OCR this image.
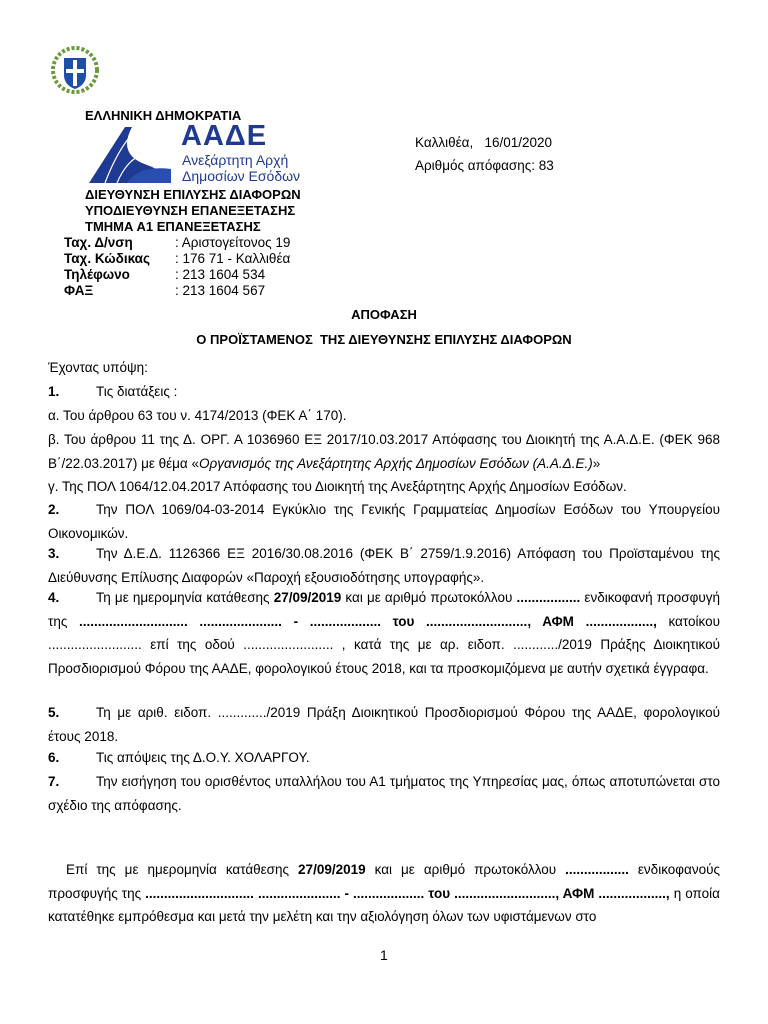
ΕΛΛΗΝΙΚΗ ΔΗΜΟΚΡΑΤΙΑ
ΑΑΔΕ
Ανεξάρτητη Αρχή
Δημοσίων Εσόδων
ΔΙΕΥΘΥΝΣΗ ΕΠΙΛΥΣΗΣ ΔΙΑΦΟΡΩΝ
ΥΠΟΔΙΕΥΘΥΝΣΗ ΕΠΑΝΕΞΕΤΑΣΗΣ
ΤΜΗΜΑ Α1 ΕΠΑΝΕΞΕΤΑΣΗΣ
Ταχ. Δ/νση	: Αριστογείτονος 19
Ταχ. Κώδικας : 176 71 - Καλλιθέα
Τηλέφωνο	: 213 1604 534
ΦΑΞ	: 213 1604 567
Καλλιθέα,   16/01/2020
Αριθμός απόφασης: 83
ΑΠΟΦΑΣΗ
Ο ΠΡΟΪΣΤΑΜΕΝΟΣ  ΤΗΣ ΔΙΕΥΘΥΝΣΗΣ ΕΠΙΛΥΣΗΣ ΔΙΑΦΟΡΩΝ
Έχοντας υπόψη:
1.	Τις διατάξεις :
α. Του άρθρου 63 του ν. 4174/2013 (ΦΕΚ Α΄ 170).
β. Του άρθρου 11 της Δ. ΟΡΓ. Α 1036960 ΕΞ 2017/10.03.2017 Απόφασης του Διοικητή της Α.Α.Δ.Ε. (ΦΕΚ 968 Β΄/22.03.2017) με θέμα «Οργανισμός της Ανεξάρτητης Αρχής Δημοσίων Εσόδων (Α.Α.Δ.Ε.)»
γ. Της ΠΟΛ 1064/12.04.2017 Απόφασης του Διοικητή της Ανεξάρτητης Αρχής Δημοσίων Εσόδων.
2.	Την ΠΟΛ 1069/04-03-2014 Εγκύκλιο της Γενικής Γραμματείας Δημοσίων Εσόδων του Υπουργείου Οικονομικών.
3.	Την Δ.Ε.Δ. 1126366 ΕΞ 2016/30.08.2016 (ΦΕΚ Β΄ 2759/1.9.2016) Απόφαση του Προϊσταμένου της Διεύθυνσης Επίλυσης Διαφορών «Παροχή εξουσιοδότησης υπογραφής».
4.	Τη με ημερομηνία κατάθεσης 27/09/2019 και με αριθμό πρωτοκόλλου ................. ενδικοφανή προσφυγή της ............................. ...................... - ................... του ..........................., ΑΦΜ .................., κατοίκου ......................... επί της οδού ........................ , κατά της με αρ. ειδοπ. ............/2019 Πράξης Διοικητικού Προσδιορισμού Φόρου της ΑΑΔΕ, φορολογικού έτους 2018, και τα προσκομιζόμενα με αυτήν σχετικά έγγραφα.
5.	Τη με αριθ. ειδοπ. ............./2019 Πράξη Διοικητικού Προσδιορισμού Φόρου της ΑΑΔΕ, φορολογικού έτους 2018.
6.	Τις απόψεις της Δ.Ο.Υ. ΧΟΛΑΡΓΟΥ.
7.	Την εισήγηση του ορισθέντος υπαλλήλου του Α1 τμήματος της Υπηρεσίας μας, όπως αποτυπώνεται στο σχέδιο της απόφασης.
Επί της με ημερομηνία κατάθεσης 27/09/2019 και με αριθμό πρωτοκόλλου ................. ενδικοφανούς προσφυγής της ............................. ...................... - ................... του ..........................., ΑΦΜ .................., η οποία κατατέθηκε εμπρόθεσμα και μετά την μελέτη και την αξιολόγηση όλων των υφιστάμενων στο
1
